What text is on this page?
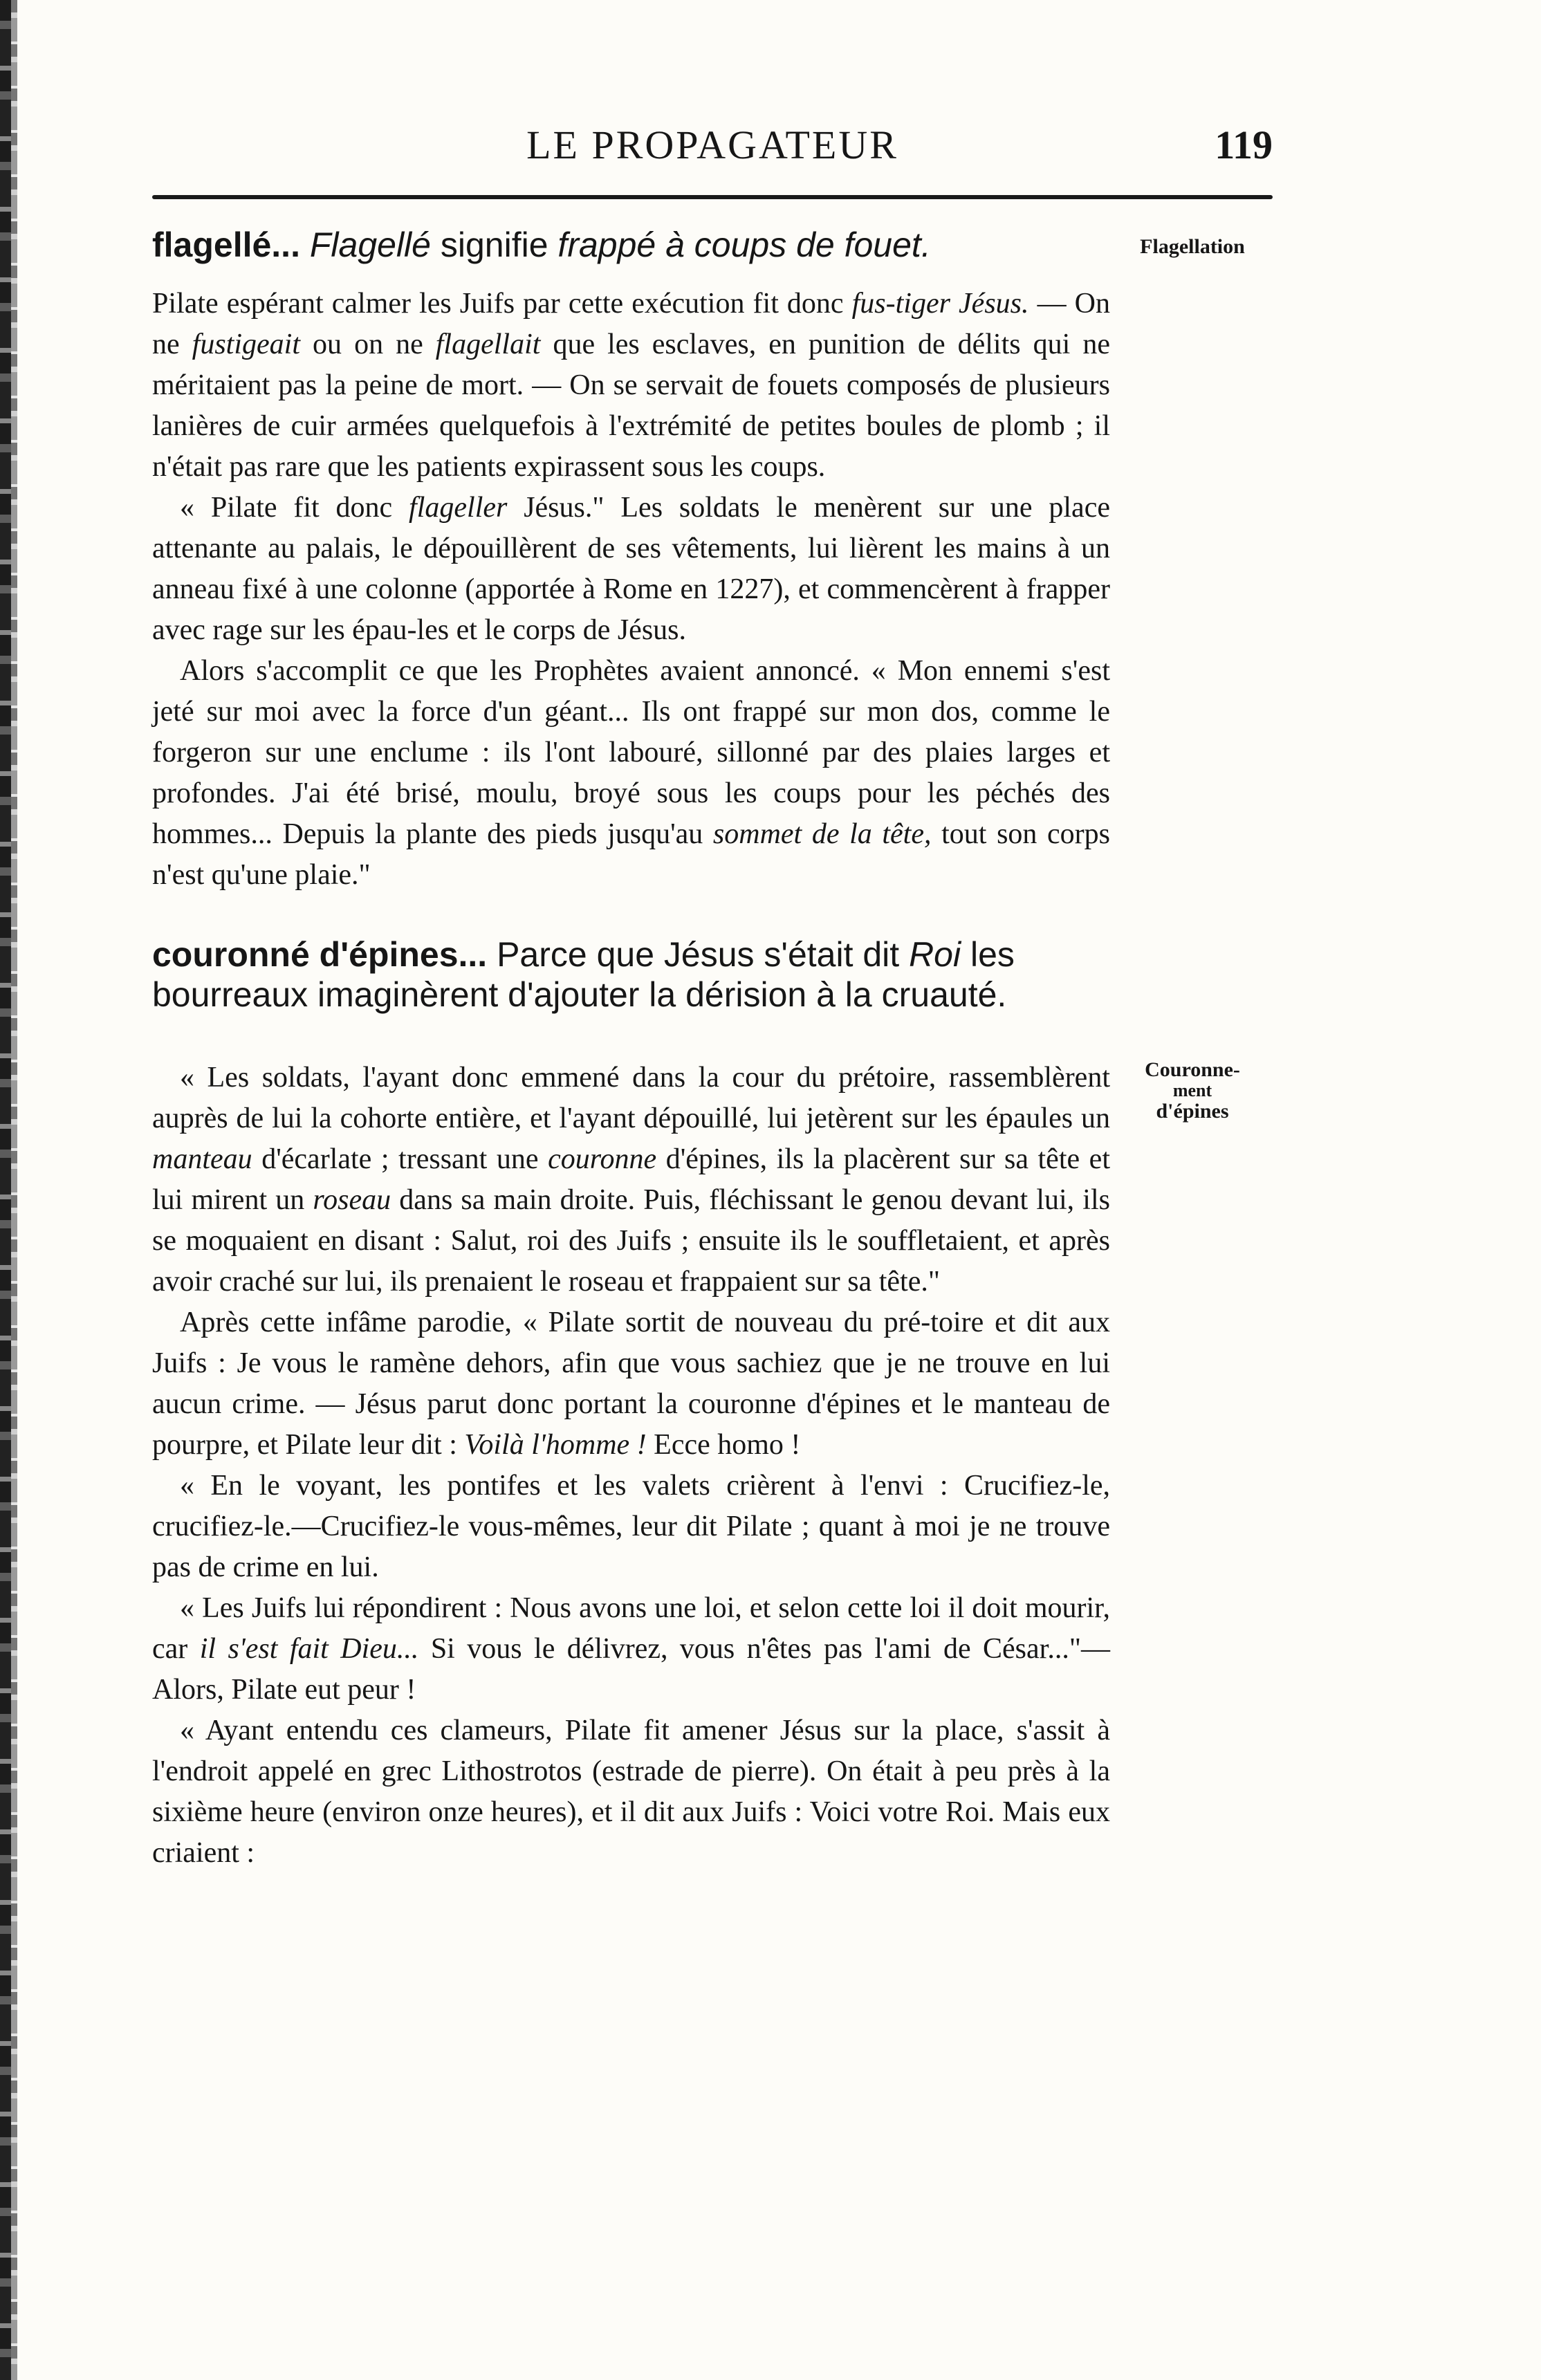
LE PROPAGATEUR	119
Flagellation
Couronne-
ment
d'épines

flagellé... Flagellé signifie frappé à coups de fouet.

Pilate espérant calmer les Juifs par cette exécution fit donc fus-tiger Jésus. — On ne fustigeait ou on ne flagellait que les esclaves, en punition de délits qui ne méritaient pas la peine de mort. — On se servait de fouets composés de plusieurs lanières de cuir armées quelquefois à l'extrémité de petites boules de plomb ; il n'était pas rare que les patients expirassent sous les coups.

« Pilate fit donc flageller Jésus." Les soldats le menèrent sur une place attenante au palais, le dépouillèrent de ses vêtements, lui lièrent les mains à un anneau fixé à une colonne (apportée à Rome en 1227), et commencèrent à frapper avec rage sur les épau-les et le corps de Jésus.

Alors s'accomplit ce que les Prophètes avaient annoncé. « Mon ennemi s'est jeté sur moi avec la force d'un géant... Ils ont frappé sur mon dos, comme le forgeron sur une enclume : ils l'ont labouré, sillonné par des plaies larges et profondes. J'ai été brisé, moulu, broyé sous les coups pour les péchés des hommes... Depuis la plante des pieds jusqu'au sommet de la tête, tout son corps n'est qu'une plaie."

couronné d'épines... Parce que Jésus s'était dit Roi les bourreaux imaginèrent d'ajouter la dérision à la cruauté.

« Les soldats, l'ayant donc emmené dans la cour du prétoire, rassemblèrent auprès de lui la cohorte entière, et l'ayant dépouillé, lui jetèrent sur les épaules un manteau d'écarlate ; tressant une couronne d'épines, ils la placèrent sur sa tête et lui mirent un roseau dans sa main droite. Puis, fléchissant le genou devant lui, ils se moquaient en disant : Salut, roi des Juifs ; ensuite ils le souffletaient, et après avoir craché sur lui, ils prenaient le roseau et frappaient sur sa tête."

Après cette infâme parodie, « Pilate sortit de nouveau du pré-toire et dit aux Juifs : Je vous le ramène dehors, afin que vous sachiez que je ne trouve en lui aucun crime. — Jésus parut donc portant la couronne d'épines et le manteau de pourpre, et Pilate leur dit : Voilà l'homme ! Ecce homo !

« En le voyant, les pontifes et les valets crièrent à l'envi : Crucifiez-le, crucifiez-le.—Crucifiez-le vous-mêmes, leur dit Pilate ; quant à moi je ne trouve pas de crime en lui.

« Les Juifs lui répondirent : Nous avons une loi, et selon cette loi il doit mourir, car il s'est fait Dieu... Si vous le délivrez, vous n'êtes pas l'ami de César..."— Alors, Pilate eut peur !

« Ayant entendu ces clameurs, Pilate fit amener Jésus sur la place, s'assit à l'endroit appelé en grec Lithostrotos (estrade de pierre). On était à peu près à la sixième heure (environ onze heures), et il dit aux Juifs : Voici votre Roi. Mais eux criaient :
